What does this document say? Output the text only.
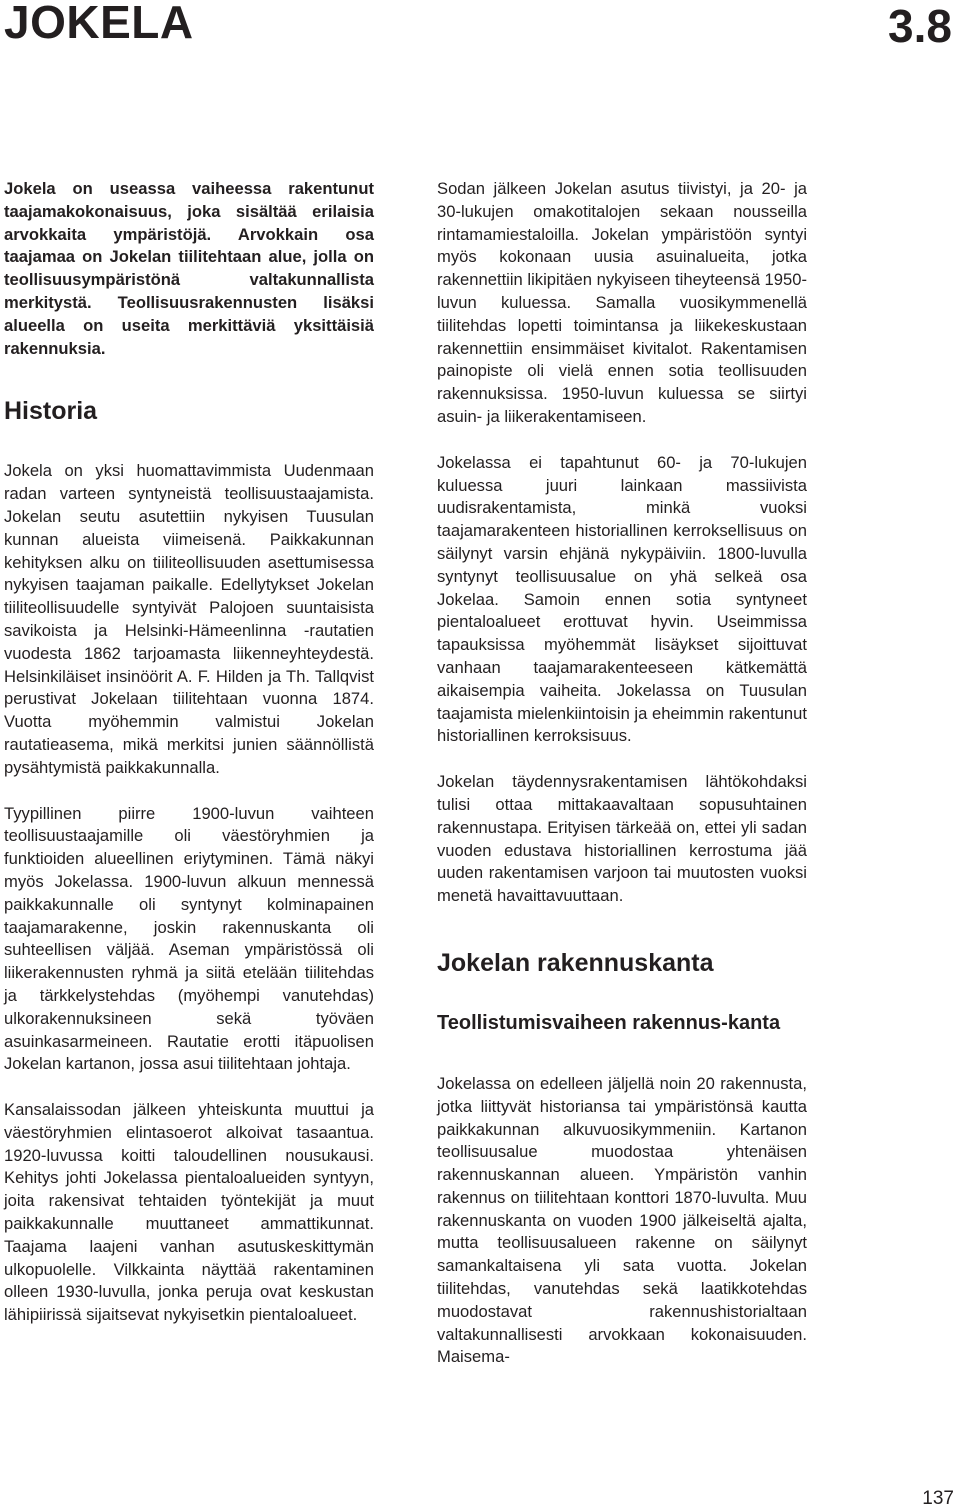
JOKELA	3.8

Jokela on useassa vaiheessa rakentunut taajamakokonaisuus, joka sisältää erilaisia arvokkaita ympäristöjä. Arvokkain osa taajamaa on Jokelan tiilitehtaan alue, jolla on teollisuusympäristönä valtakunnallista merkitystä. Teollisuusrakennusten lisäksi alueella on useita merkittäviä yksittäisiä rakennuksia.

Historia

Jokela on yksi huomattavimmista Uudenmaan radan varteen syntyneistä teollisuustaajamista. Jokelan seutu asutettiin nykyisen Tuusulan kunnan alueista viimeisenä. Paikkakunnan kehityksen alku on tiiliteollisuuden asettumisessa nykyisen taajaman paikalle. Edellytykset Jokelan tiiliteollisuudelle syntyivät Palojoen suuntaisista savikoista ja Helsinki-Hämeenlinna -rautatien vuodesta 1862 tarjoamasta liikenneyhteydestä. Helsinkiläiset insinöörit A. F. Hilden ja Th. Tallqvist perustivat Jokelaan tiilitehtaan vuonna 1874. Vuotta myöhemmin valmistui Jokelan rautatieasema, mikä merkitsi junien säännöllistä pysähtymistä paikkakunnalla.

Tyypillinen piirre 1900-luvun vaihteen teollisuustaajamille oli väestöryhmien ja funktioiden alueellinen eriytyminen. Tämä näkyi myös Jokelassa. 1900-luvun alkuun mennessä paikkakunnalle oli syntynyt kolminapainen taajamarakenne, joskin rakennuskanta oli suhteellisen väljää. Aseman ympäristössä oli liikerakennusten ryhmä ja siitä etelään tiilitehdas ja tärkkelystehdas (myöhempi vanutehdas) ulkorakennuksineen sekä työväen asuinkasarmeineen. Rautatie erotti itäpuolisen Jokelan kartanon, jossa asui tiilitehtaan johtaja.

Kansalaissodan jälkeen yhteiskunta muuttui ja väestöryhmien elintasoerot alkoivat tasaantua. 1920-luvussa koitti taloudellinen nousukausi. Kehitys johti Jokelassa pientaloalueiden syntyyn, joita rakensivat tehtaiden työntekijät ja muut paikkakunnalle muuttaneet ammattikunnat. Taajama laajeni vanhan asutuskeskittymän ulkopuolelle. Vilkkainta näyttää rakentaminen olleen 1930-luvulla, jonka peruja ovat keskustan lähipiirissä sijaitsevat nykyisetkin pientaloalueet.

Sodan jälkeen Jokelan asutus tiivistyi, ja 20- ja 30-lukujen omakotitalojen sekaan nousseilla rintamamiestaloilla. Jokelan ympäristöön syntyi myös kokonaan uusia asuinalueita, jotka rakennettiin likipitäen nykyiseen tiheyteensä 1950-luvun kuluessa. Samalla vuosikymmenellä tiilitehdas lopetti toimintansa ja liikekeskustaan rakennettiin ensimmäiset kivitalot. Rakentamisen painopiste oli vielä ennen sotia teollisuuden rakennuksissa. 1950-luvun kuluessa se siirtyi asuin- ja liikerakentamiseen.

Jokelassa ei tapahtunut 60- ja 70-lukujen kuluessa juuri lainkaan massiivista uudisrakentamista, minkä vuoksi taajamarakenteen historiallinen kerroksellisuus on säilynyt varsin ehjänä nykypäiviin. 1800-luvulla syntynyt teollisuusalue on yhä selkeä osa Jokelaa. Samoin ennen sotia syntyneet pientaloalueet erottuvat hyvin. Useimmissa tapauksissa myöhemmät lisäykset sijoittuvat vanhaan taajamarakenteeseen kätkemättä aikaisempia vaiheita. Jokelassa on Tuusulan taajamista mielenkiintoisin ja eheimmin rakentunut historiallinen kerroksisuus.

Jokelan täydennysrakentamisen lähtökohdaksi tulisi ottaa mittakaavaltaan sopusuhtainen rakennustapa. Erityisen tärkeää on, ettei yli sadan vuoden edustava historiallinen kerrostuma jää uuden rakentamisen varjoon tai muutosten vuoksi menetä havaittavuuttaan.

Jokelan rakennuskanta
Teollistumisvaiheen rakennus-kanta

Jokelassa on edelleen jäljellä noin 20 rakennusta, jotka liittyvät historiansa tai ympäristönsä kautta paikkakunnan alkuvuosikymmeniin. Kartanon teollisuusalue muodostaa yhtenäisen rakennuskannan alueen. Ympäristön vanhin rakennus on tiilitehtaan konttori 1870-luvulta. Muu rakennuskanta on vuoden 1900 jälkeiseltä ajalta, mutta teollisuusalueen rakenne on säilynyt samankaltaisena yli sata vuotta. Jokelan tiilitehdas, vanutehdas sekä laatikkotehdas muodostavat rakennushistorialtaan valtakunnallisesti arvokkaan kokonaisuuden. Maisema-

137
